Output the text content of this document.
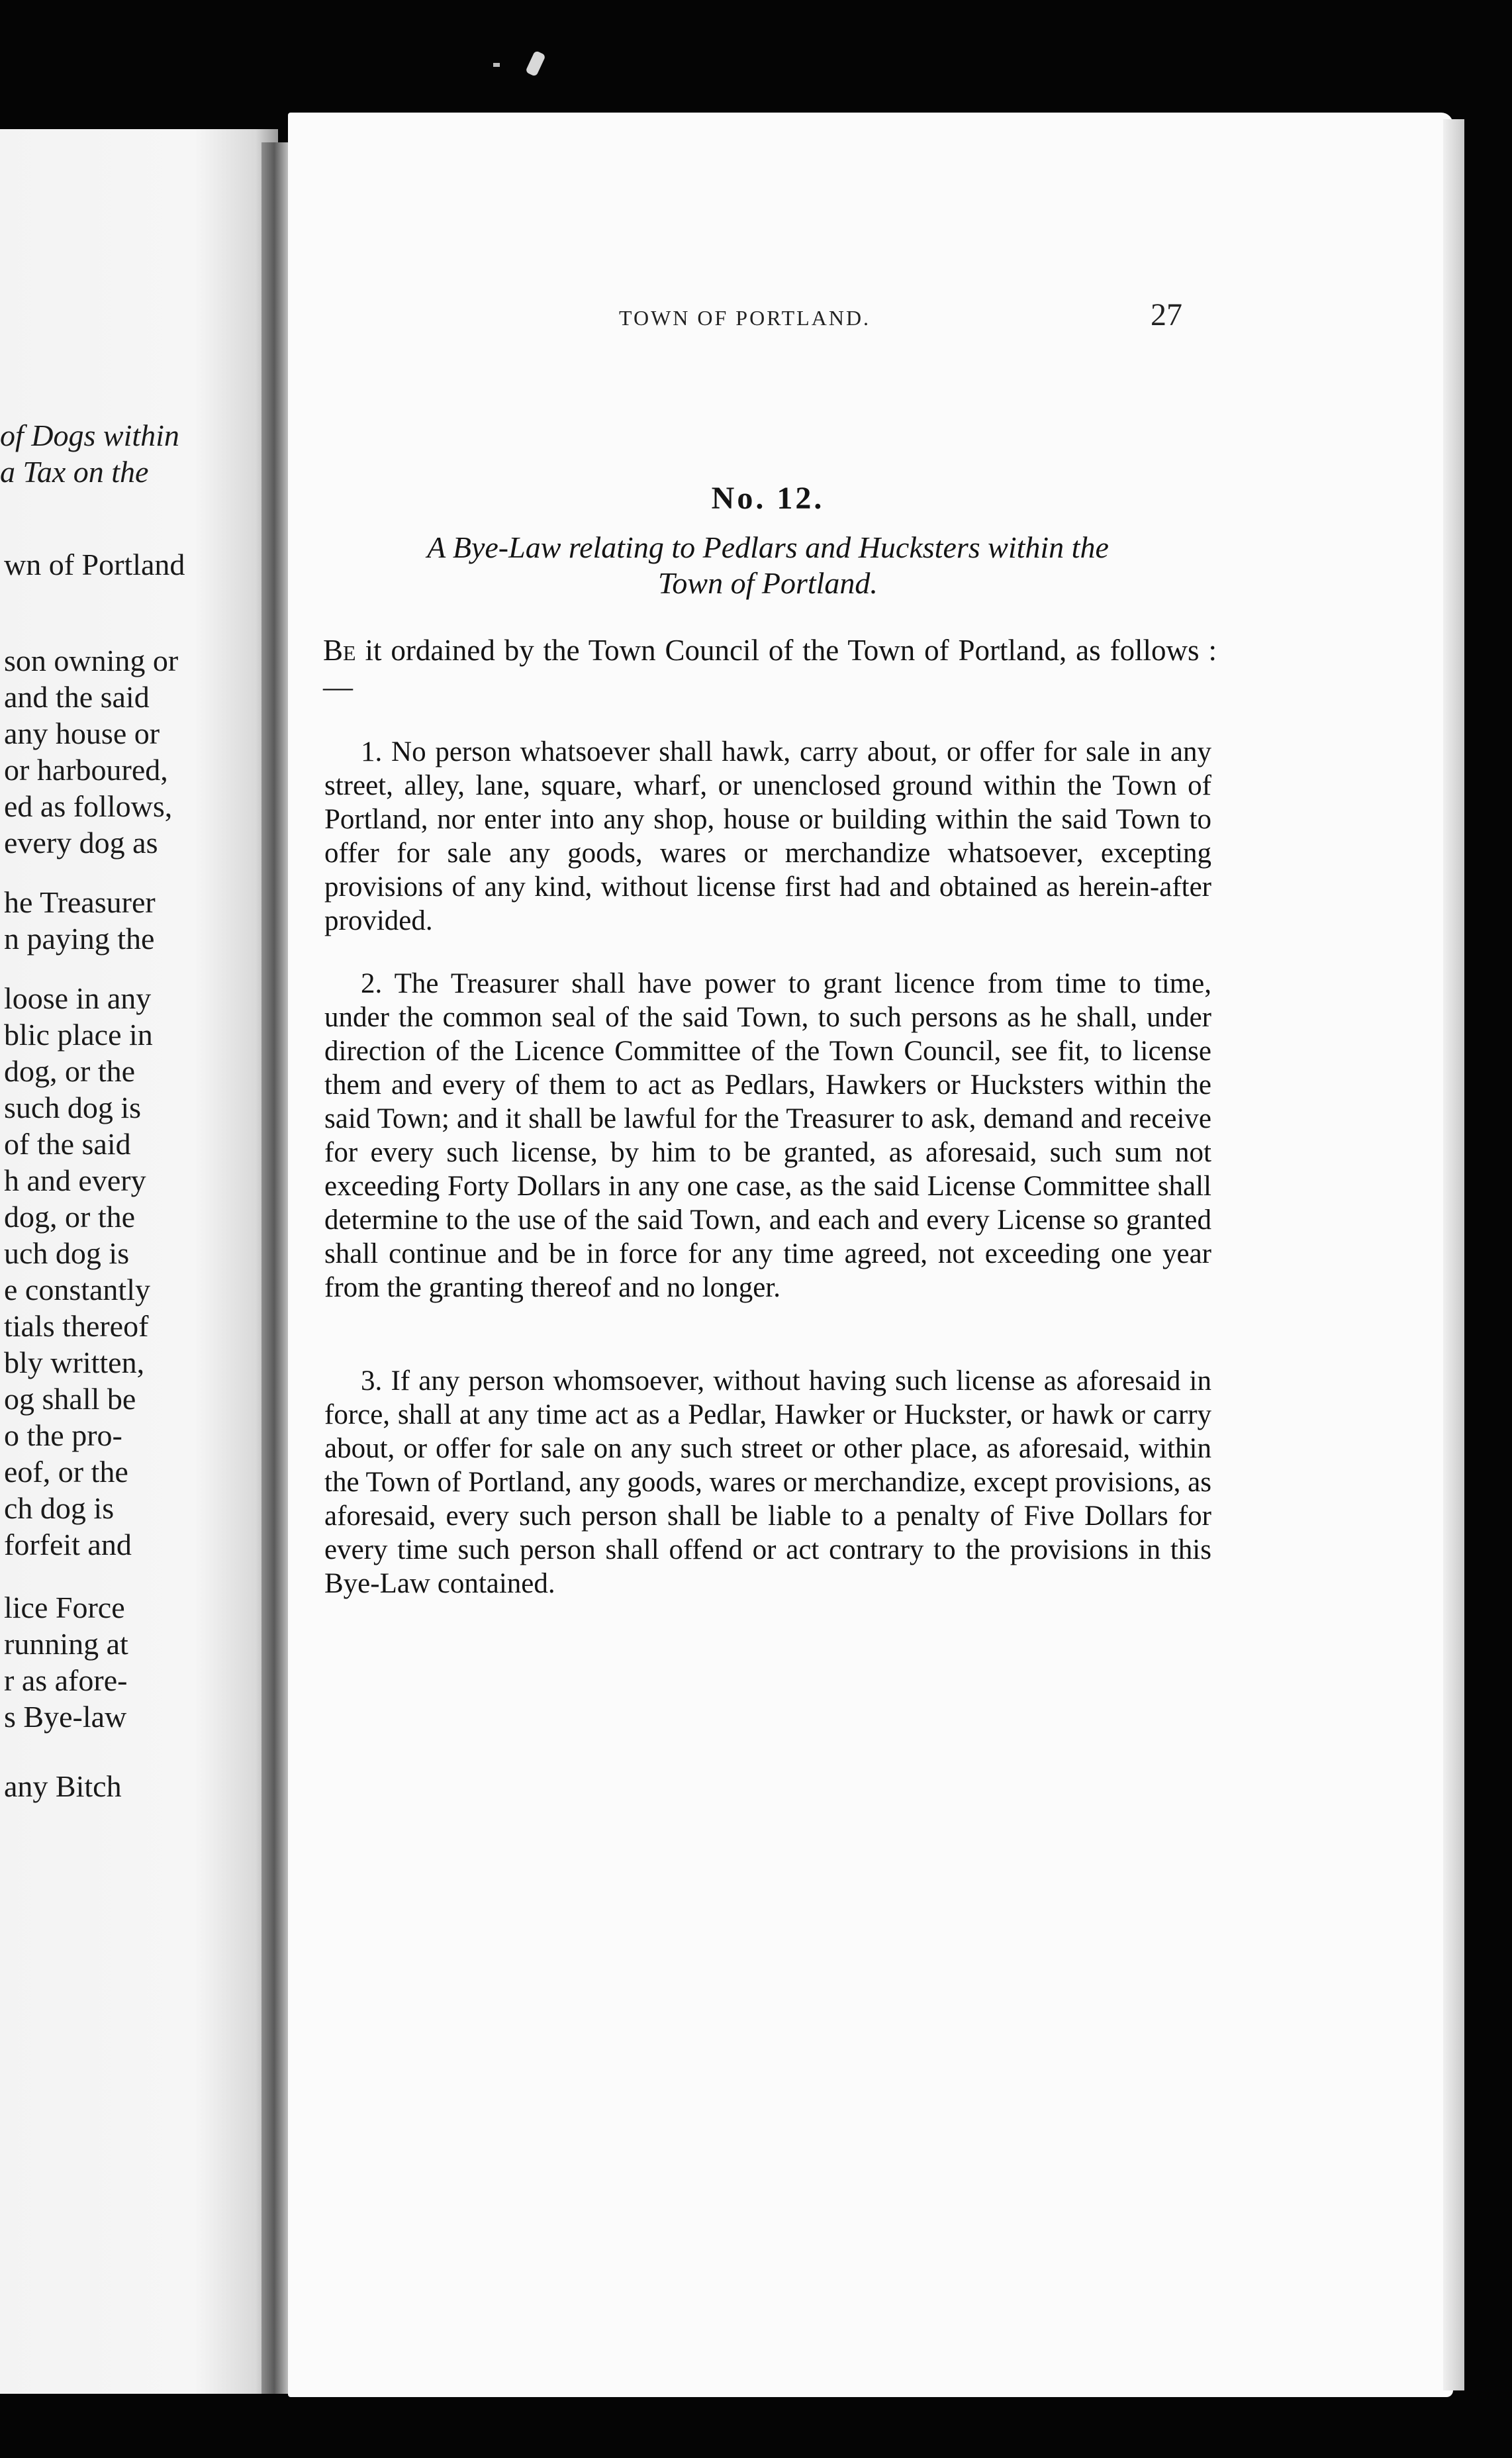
of Dogs within
a Tax on the
wn of Portland
son owning or
and the said
any house or
or harboured,
ed as follows,
every dog as
he Treasurer
n paying the
loose in any
blic place in
dog, or the
such dog is
of the said
h and every
dog, or the
uch dog is
e constantly
tials thereof
bly written,
og shall be
o the pro-
eof, or the
ch dog is
forfeit and
lice Force
running at
r as afore-
s Bye-law
any Bitch
TOWN OF PORTLAND.	27
No. 12.
A Bye-Law relating to Pedlars and Hucksters within the
Town of Portland.
Be it ordained by the Town Council of the Town of Portland, as follows :—
1. No person whatsoever shall hawk, carry about, or offer for sale in any street, alley, lane, square, wharf, or unenclosed ground within the Town of Portland, nor enter into any shop, house or building within the said Town to offer for sale any goods, wares or merchandize whatsoever, excepting provisions of any kind, without license first had and obtained as herein-after provided.
2. The Treasurer shall have power to grant licence from time to time, under the common seal of the said Town, to such persons as he shall, under direction of the Licence Committee of the Town Council, see fit, to license them and every of them to act as Pedlars, Hawkers or Hucksters within the said Town; and it shall be lawful for the Treasurer to ask, demand and receive for every such license, by him to be granted, as aforesaid, such sum not exceeding Forty Dollars in any one case, as the said License Committee shall determine to the use of the said Town, and each and every License so granted shall continue and be in force for any time agreed, not exceeding one year from the granting thereof and no longer.
3. If any person whomsoever, without having such license as aforesaid in force, shall at any time act as a Pedlar, Hawker or Huckster, or hawk or carry about, or offer for sale on any such street or other place, as aforesaid, within the Town of Portland, any goods, wares or merchandize, except provisions, as aforesaid, every such person shall be liable to a penalty of Five Dollars for every time such person shall offend or act contrary to the provisions in this Bye-Law contained.
